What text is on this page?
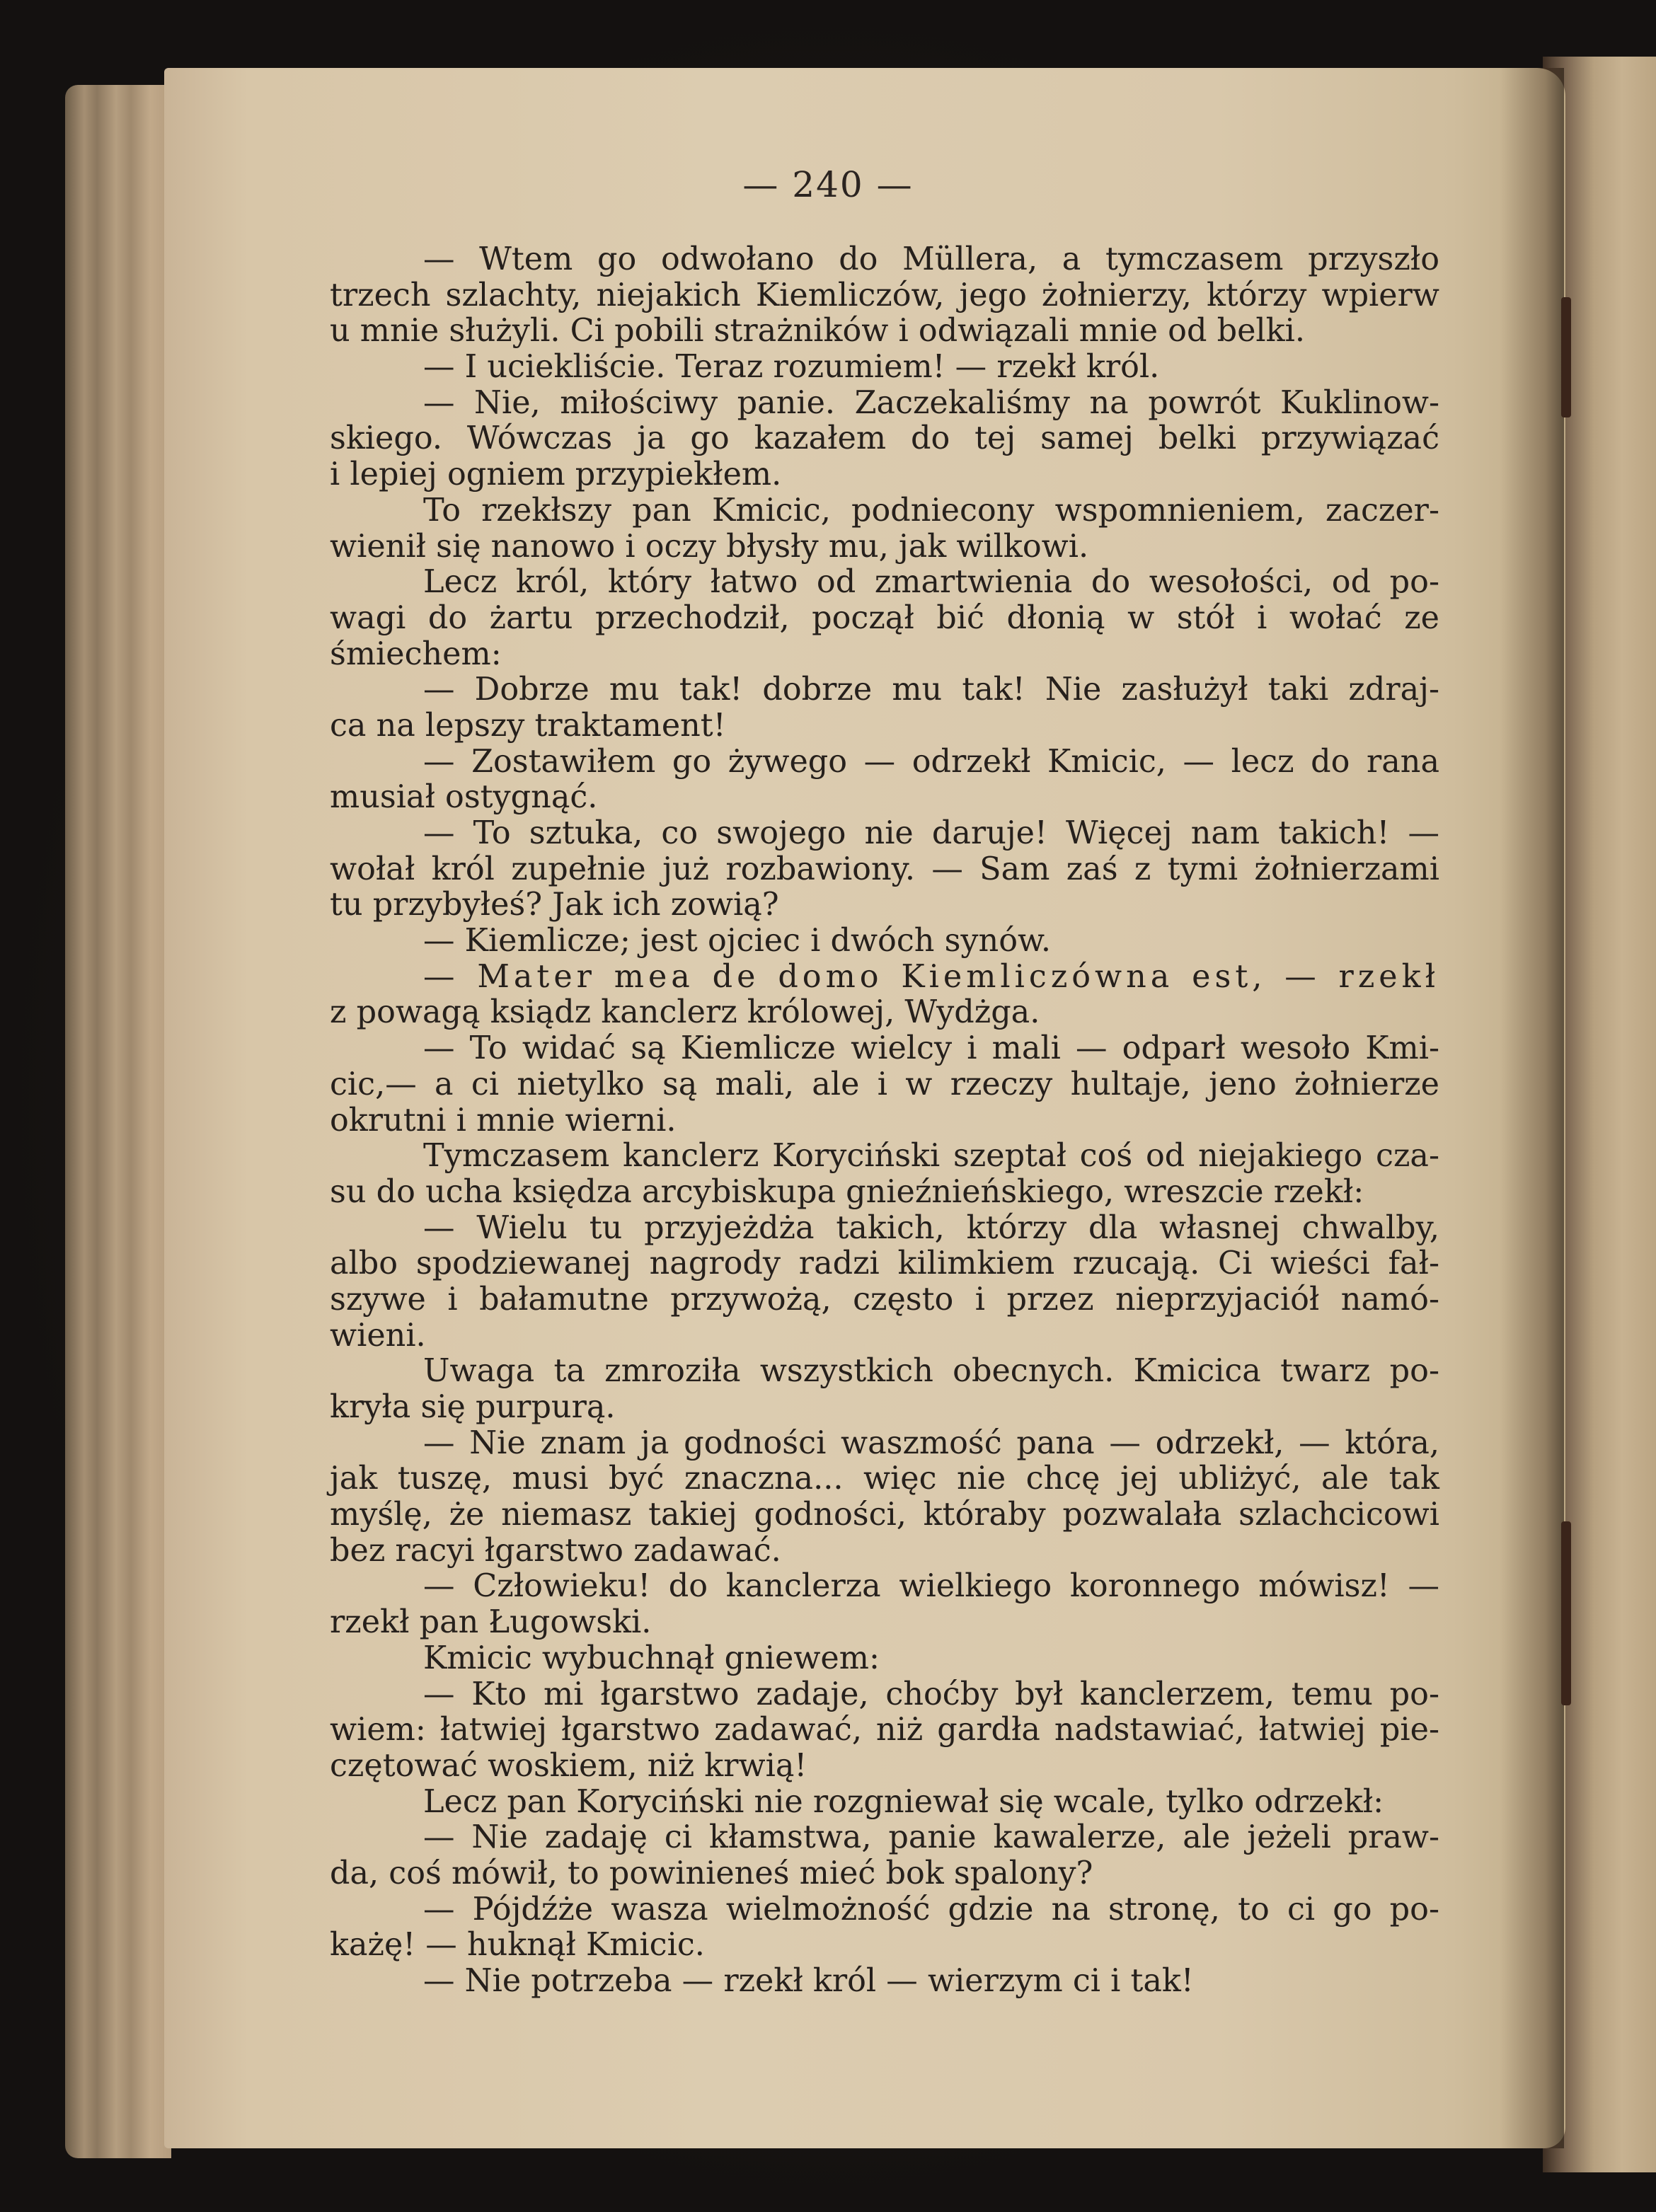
— 240 —
— Wtem go odwołano do Müllera, a tymczasem przyszło
trzech szlachty, niejakich Kiemliczów, jego żołnierzy, którzy wpierw
u mnie służyli. Ci pobili strażników i odwiązali mnie od belki.
— I uciekliście. Teraz rozumiem! — rzekł król.
— Nie, miłościwy panie. Zaczekaliśmy na powrót Kuklinow-
skiego. Wówczas ja go kazałem do tej samej belki przywiązać
i lepiej ogniem przypiekłem.
To rzekłszy pan Kmicic, podniecony wspomnieniem, zaczer-
wienił się nanowo i oczy błysły mu, jak wilkowi.
Lecz król, który łatwo od zmartwienia do wesołości, od po-
wagi do żartu przechodził, począł bić dłonią w stół i wołać ze
śmiechem:
— Dobrze mu tak! dobrze mu tak! Nie zasłużył taki zdraj-
ca na lepszy traktament!
— Zostawiłem go żywego — odrzekł Kmicic, — lecz do rana
musiał ostygnąć.
— To sztuka, co swojego nie daruje! Więcej nam takich! —
wołał król zupełnie już rozbawiony. — Sam zaś z tymi żołnierzami
tu przybyłeś? Jak ich zowią?
— Kiemlicze; jest ojciec i dwóch synów.
— Mater mea de domo Kiemliczówna est, — rzekł
z powagą ksiądz kanclerz królowej, Wydżga.
— To widać są Kiemlicze wielcy i mali — odparł wesoło Kmi-
cic,— a ci nietylko są mali, ale i w rzeczy hultaje, jeno żołnierze
okrutni i mnie wierni.
Tymczasem kanclerz Koryciński szeptał coś od niejakiego cza-
su do ucha księdza arcybiskupa gnieźnieńskiego, wreszcie rzekł:
— Wielu tu przyjeżdża takich, którzy dla własnej chwalby,
albo spodziewanej nagrody radzi kilimkiem rzucają. Ci wieści fał-
szywe i bałamutne przywożą, często i przez nieprzyjaciół namó-
wieni.
Uwaga ta zmroziła wszystkich obecnych. Kmicica twarz po-
kryła się purpurą.
— Nie znam ja godności waszmość pana — odrzekł, — która,
jak tuszę, musi być znaczna... więc nie chcę jej ubliżyć, ale tak
myślę, że niemasz takiej godności, któraby pozwalała szlachcicowi
bez racyi łgarstwo zadawać.
— Człowieku! do kanclerza wielkiego koronnego mówisz! —
rzekł pan Ługowski.
Kmicic wybuchnął gniewem:
— Kto mi łgarstwo zadaje, choćby był kanclerzem, temu po-
wiem: łatwiej łgarstwo zadawać, niż gardła nadstawiać, łatwiej pie-
czętować woskiem, niż krwią!
Lecz pan Koryciński nie rozgniewał się wcale, tylko odrzekł:
— Nie zadaję ci kłamstwa, panie kawalerze, ale jeżeli praw-
da, coś mówił, to powinieneś mieć bok spalony?
— Pójdźże wasza wielmożność gdzie na stronę, to ci go po-
każę! — huknął Kmicic.
— Nie potrzeba — rzekł król — wierzym ci i tak!
